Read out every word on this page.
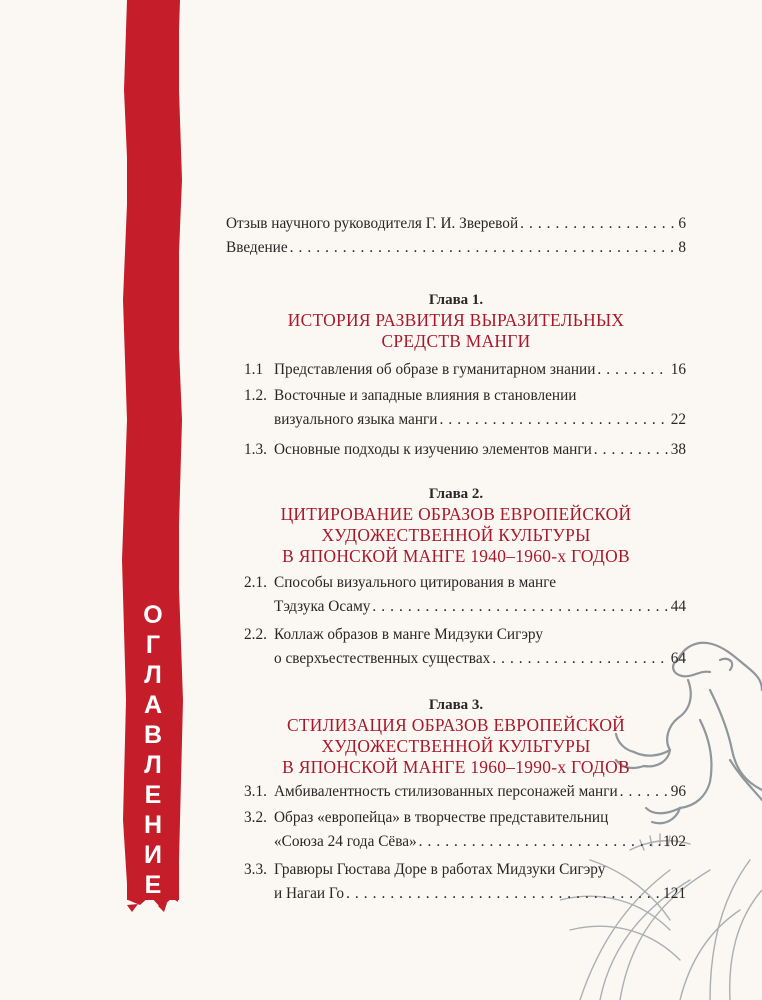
О
Г
Л
А
В
Л
Е
Н
И
Е
Отзыв научного руководителя Г. И. Зверевой . . .	6
Введение . . .	8
Глава 1.
ИСТОРИЯ РАЗВИТИЯ ВЫРАЗИТЕЛЬНЫХ
СРЕДСТВ МАНГИ
1.1 Представления об образе в гуманитарном знании . . .	16
1.2. Восточные и западные влияния в становлении
визуального языка манги . . .	22
1.3. Основные подходы к изучению элементов манги . . .	38
Глава 2.
ЦИТИРОВАНИЕ ОБРАЗОВ ЕВРОПЕЙСКОЙ
ХУДОЖЕСТВЕННОЙ КУЛЬТУРЫ
В ЯПОНСКОЙ МАНГЕ 1940–1960-х ГОДОВ
2.1. Способы визуального цитирования в манге
Тэдзука Осаму . . .	44
2.2. Коллаж образов в манге Мидзуки Сигэру
о сверхъестественных существах . . .	64
Глава 3.
СТИЛИЗАЦИЯ ОБРАЗОВ ЕВРОПЕЙСКОЙ
ХУДОЖЕСТВЕННОЙ КУЛЬТУРЫ
В ЯПОНСКОЙ МАНГЕ 1960–1990-х ГОДОВ
3.1. Амбивалентность стилизованных персонажей манги . . .	96
3.2. Образ «европейца» в творчестве представительниц
«Союза 24 года Сёва» . . .	102
3.3. Гравюры Гюстава Доре в работах Мидзуки Сигэру
и Нагаи Го . . .	121
